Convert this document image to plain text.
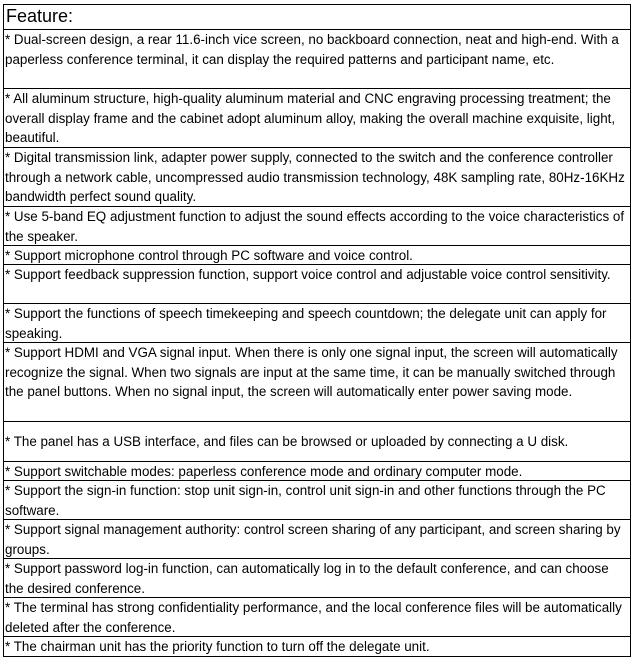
Feature:
* Dual-screen design, a rear 11.6-inch vice screen, no backboard connection, neat and high-end. With a paperless conference terminal, it can display the required patterns and participant name, etc.
* All aluminum structure, high-quality aluminum material and CNC engraving processing treatment; the overall display frame and the cabinet adopt aluminum alloy, making the overall machine exquisite, light, beautiful.
* Digital transmission link, adapter power supply, connected to the switch and the conference controller through a network cable, uncompressed audio transmission technology, 48K sampling rate, 80Hz-16KHz bandwidth perfect sound quality.
* Use 5-band EQ adjustment function to adjust the sound effects according to the voice characteristics of the speaker.
* Support microphone control through PC software and voice control.
* Support feedback suppression function, support voice control and adjustable voice control sensitivity.
* Support the functions of speech timekeeping and speech countdown; the delegate unit can apply for speaking.
* Support HDMI and VGA signal input. When there is only one signal input, the screen will automatically recognize the signal. When two signals are input at the same time, it can be manually switched through the panel buttons. When no signal input, the screen will automatically enter power saving mode.
* The panel has a USB interface, and files can be browsed or uploaded by connecting a U disk.
* Support switchable modes: paperless conference mode and ordinary computer mode.
* Support the sign-in function: stop unit sign-in, control unit sign-in and other functions through the PC software.
* Support signal management authority: control screen sharing of any participant, and screen sharing by groups.
* Support password log-in function, can automatically log in to the default conference, and can choose the desired conference.
* The terminal has strong confidentiality performance, and the local conference files will be automatically deleted after the conference.
* The chairman unit has the priority function to turn off the delegate unit.
